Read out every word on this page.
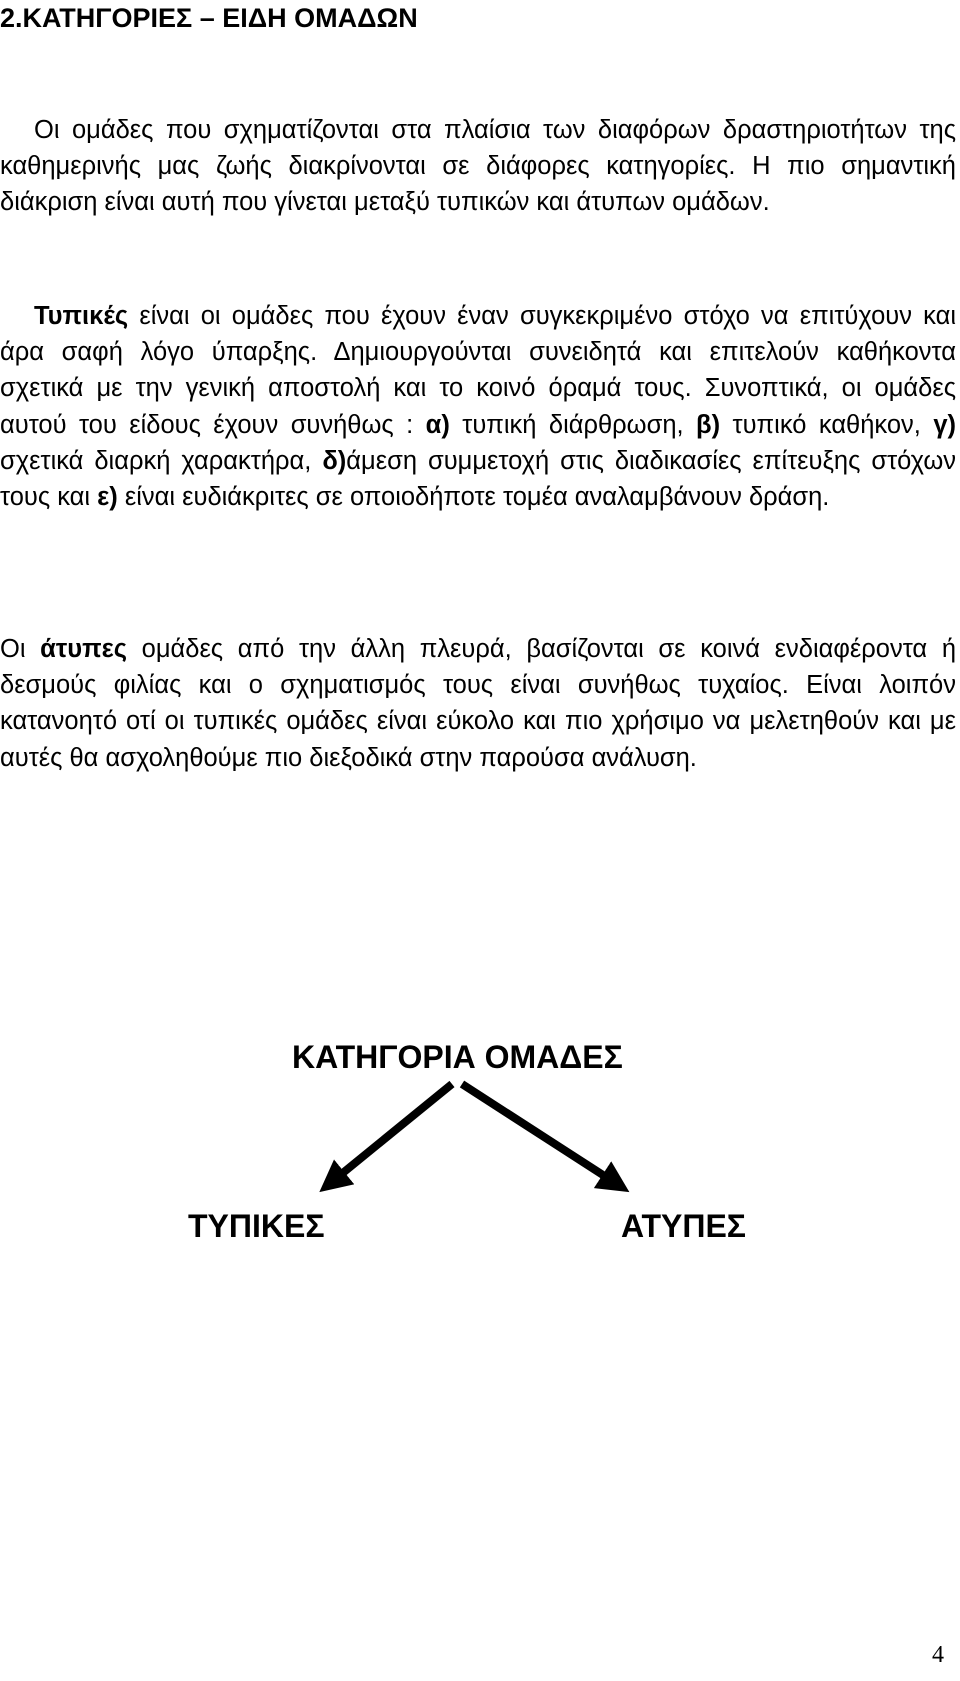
2.ΚΑΤΗΓΟΡΙΕΣ – ΕΙΔΗ ΟΜΑΔΩΝ

Οι ομάδες που σχηματίζονται στα πλαίσια των διαφόρων δραστηριοτήτων της καθημερινής μας ζωής διακρίνονται σε διάφορες κατηγορίες. Η πιο σημαντική διάκριση είναι αυτή που γίνεται μεταξύ τυπικών και άτυπων ομάδων.

Τυπικές είναι οι ομάδες που έχουν έναν συγκεκριμένο στόχο να επιτύχουν και άρα σαφή λόγο ύπαρξης. Δημιουργούνται συνειδητά και επιτελούν καθήκοντα σχετικά με την γενική αποστολή και το κοινό όραμά τους. Συνοπτικά, οι ομάδες αυτού του είδους έχουν συνήθως : α) τυπική διάρθρωση, β) τυπικό καθήκον, γ) σχετικά διαρκή χαρακτήρα, δ)άμεση συμμετοχή στις διαδικασίες επίτευξης στόχων τους και ε) είναι ευδιάκριτες σε οποιοδήποτε τομέα αναλαμβάνουν δράση.

Οι άτυπες ομάδες από την άλλη πλευρά, βασίζονται σε κοινά ενδιαφέροντα ή δεσμούς φιλίας και ο σχηματισμός τους είναι συνήθως τυχαίος. Είναι λοιπόν κατανοητό οτί οι τυπικές ομάδες είναι εύκολο και πιο χρήσιμο να μελετηθούν και με αυτές θα ασχοληθούμε πιο διεξοδικά στην παρούσα ανάλυση.

ΚΑΤΗΓΟΡΙΑ ΟΜΑΔΕΣ
ΤΥΠΙΚΕΣ	ΑΤΥΠΕΣ
4
